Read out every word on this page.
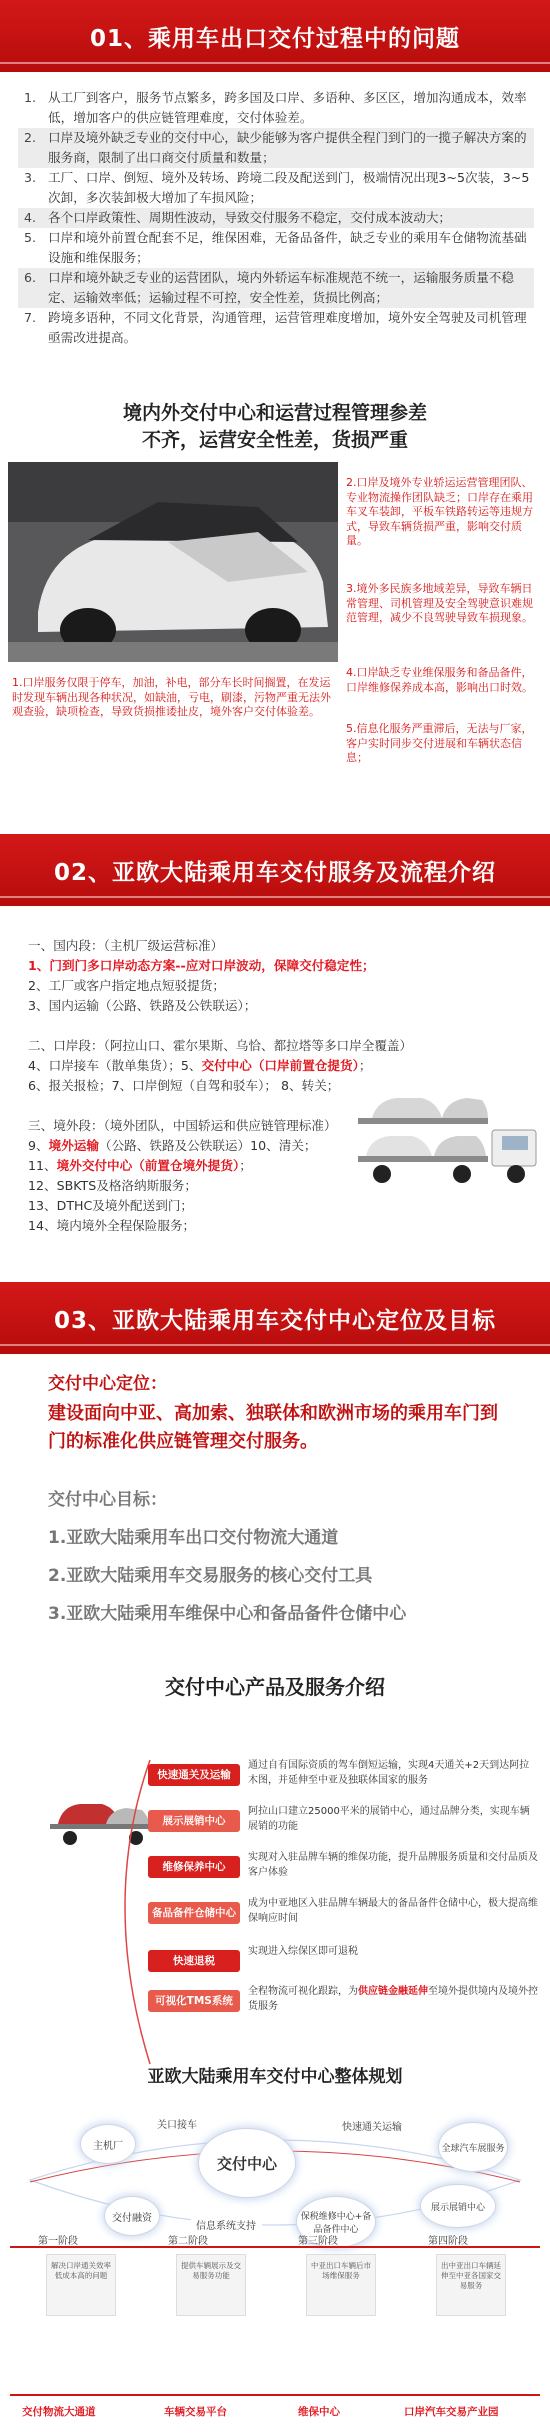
01、乘用车出口交付过程中的问题
1. 从工厂到客户，服务节点繁多，跨多国及口岸、多语种、多区区，增加沟通成本，效率低，增加客户的供应链管理难度，交付体验差。
2. 口岸及境外缺乏专业的交付中心，缺少能够为客户提供全程门到门的一揽子解决方案的服务商，限制了出口商交付质量和数量；
3. 工厂、口岸、倒短、境外及转场、跨境二段及配送到门，极端情况出现3~5次装，3~5次卸，多次装卸极大增加了车损风险；
4. 各个口岸政策性、周期性波动，导致交付服务不稳定，交付成本波动大；
5. 口岸和境外前置仓配套不足，维保困难，无备品备件，缺乏专业的乘用车仓储物流基础设施和维保服务；
6. 口岸和境外缺乏专业的运营团队，境内外轿运车标准规范不统一，运输服务质量不稳定、运输效率低；运输过程不可控，安全性差，货损比例高；
7. 跨境多语种，不同文化背景，沟通管理，运营管理难度增加，境外安全驾驶及司机管理亟需改进提高。
境内外交付中心和运营过程管理参差
不齐，运营安全性差，货损严重
2.口岸及境外专业轿运运营管理团队、专业物流操作团队缺乏；口岸存在乘用车叉车装卸，平板车铁路转运等违规方式，导致车辆货损严重，影响交付质量。
3.境外多民族多地域差异，导致车辆日常管理、司机管理及安全驾驶意识难规范管理，减少不良驾驶导致车损现象。
4.口岸缺乏专业维保服务和备品备件，口岸维修保养成本高，影响出口时效。
5.信息化服务严重滞后，无法与厂家，客户实时同步交付进展和车辆状态信息；
1.口岸服务仅限于停车，加油，补电，部分车长时间搁置，在发运时发现车辆出现各种状况，如缺油，亏电，刷漆，污物严重无法外观查验，缺项检查，导致货损推诿扯皮，境外客户交付体验差。
02、亚欧大陆乘用车交付服务及流程介绍
一、国内段：（主机厂级运营标准）
1、门到门多口岸动态方案--应对口岸波动，保障交付稳定性；
2、工厂或客户指定地点短驳提货；
3、国内运输（公路、铁路及公铁联运）；
二、口岸段：（阿拉山口、霍尔果斯、乌恰、都拉塔等多口岸全覆盖）
4、口岸接车（散单集货）；5、交付中心（口岸前置仓提货）；
6、报关报检；7、口岸倒短（自驾和驳车）； 8、转关；
三、境外段：（境外团队，中国轿运和供应链管理标准）
9、境外运输（公路、铁路及公铁联运）10、清关；
11、境外交付中心（前置仓境外提货）；
12、SBKTS及格洛纳斯服务；
13、DTHC及境外配送到门；
14、境内境外全程保险服务；
03、亚欧大陆乘用车交付中心定位及目标
交付中心定位：
建设面向中亚、高加索、独联体和欧洲市场的乘用车门到
门的标准化供应链管理交付服务。
交付中心目标：
1.亚欧大陆乘用车出口交付物流大通道
2.亚欧大陆乘用车交易服务的核心交付工具
3.亚欧大陆乘用车维保中心和备品备件仓储中心
交付中心产品及服务介绍
快速通关及运输
通过自有国际资质的驾车倒短运输，实现4天通关+2天到达阿拉木图，并延伸至中亚及独联体国家的服务
展示展销中心
阿拉山口建立25000平米的展销中心，通过品牌分类，实现车辆展销的功能
维修保养中心
实现对入驻品牌车辆的维保功能，提升品牌服务质量和交付品质及客户体验
备品备件仓储中心
成为中亚地区入驻品牌车辆最大的备品备件仓储中心，极大提高维保响应时间
快速退税
实现进入综保区即可退税
可视化TMS系统
全程物流可视化跟踪，为供应链金融延伸至境外提供境内及境外控货服务
亚欧大陆乘用车交付中心整体规划
交付中心
主机厂
关口接车	快速通关运输
全球汽车展服务
交付融资
信息系统支持
保税维修中心+备品备件中心
展示展销中心
第一阶段
解决口岸通关效率低成本高的问题
第二阶段
提供车辆展示及交易服务功能
第三阶段
中亚出口车辆后市场维保服务
第四阶段
出中亚出口车辆延伸至中亚各国家交易服务
交付物流大通道	车辆交易平台	维保中心	口岸汽车交易产业园
